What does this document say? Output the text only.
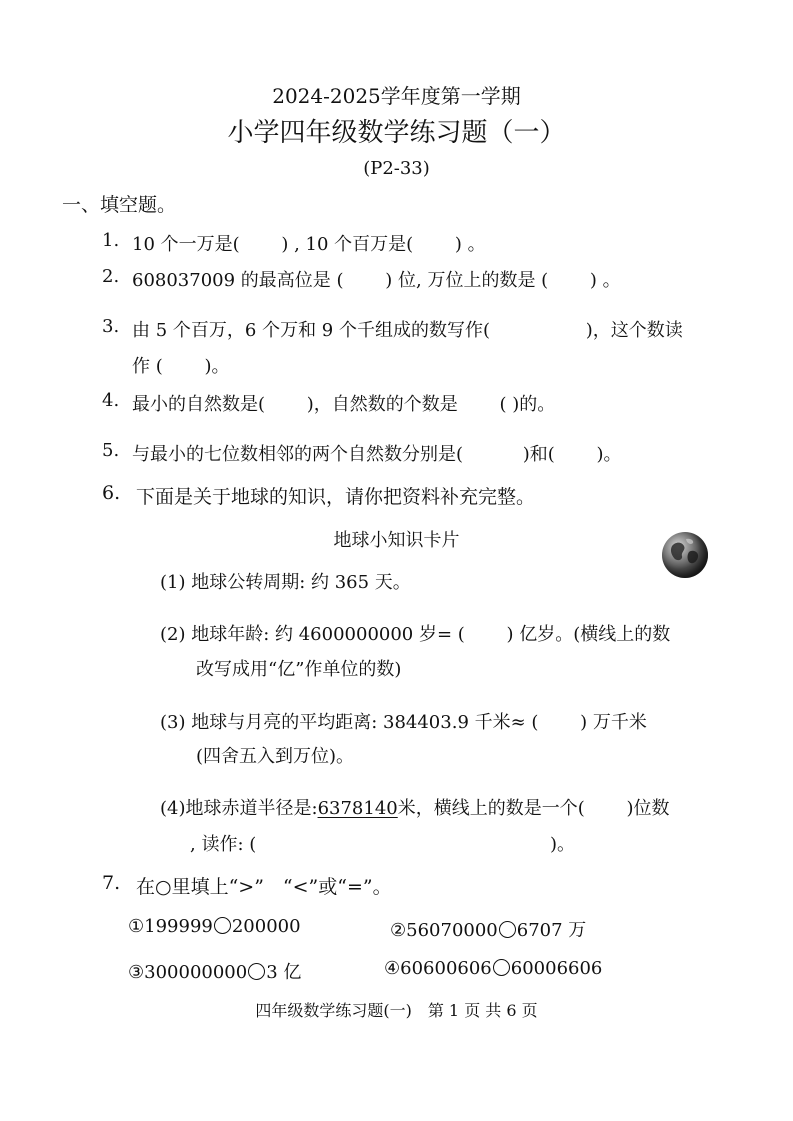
2024-2025学年度第一学期
小学四年级数学练习题（一）
(P2-33)
一、填空题。
1. 10 个一万是(　　 ) , 10 个百万是(　　 ) 。
2. 608037009 的最高位是 (　　 ) 位, 万位上的数是 (　　 ) 。
3. 由 5 个百万，6 个万和 9 个千组成的数写作(　　　　　 )，这个数读
作 (　　 )。
4. 最小的自然数是(　　 )，自然数的个数是　　 ( )的。
5. 与最小的七位数相邻的两个自然数分别是(　　　 )和(　　 )。
6. 下面是关于地球的知识，请你把资料补充完整。
地球小知识卡片
(1) 地球公转周期: 约 365 天。
(2) 地球年龄: 约 4600000000 岁= (　　 ) 亿岁。(横线上的数
改写成用“亿”作单位的数)
(3) 地球与月亮的平均距离: 384403.9 千米≈ (　　 ) 万千米
(四舍五入到万位)。
(4)地球赤道半径是:6378140米，横线上的数是一个(　　 )位数
, 读作: (　　　　　　　　　　　　　　　　 )。
7. 在○里填上“>”　“<”或“=”。
①199999 200000	②56070000 6707 万
③300000000 3 亿	④60600606 60006606
四年级数学练习题(一)　第 1 页 共 6 页
